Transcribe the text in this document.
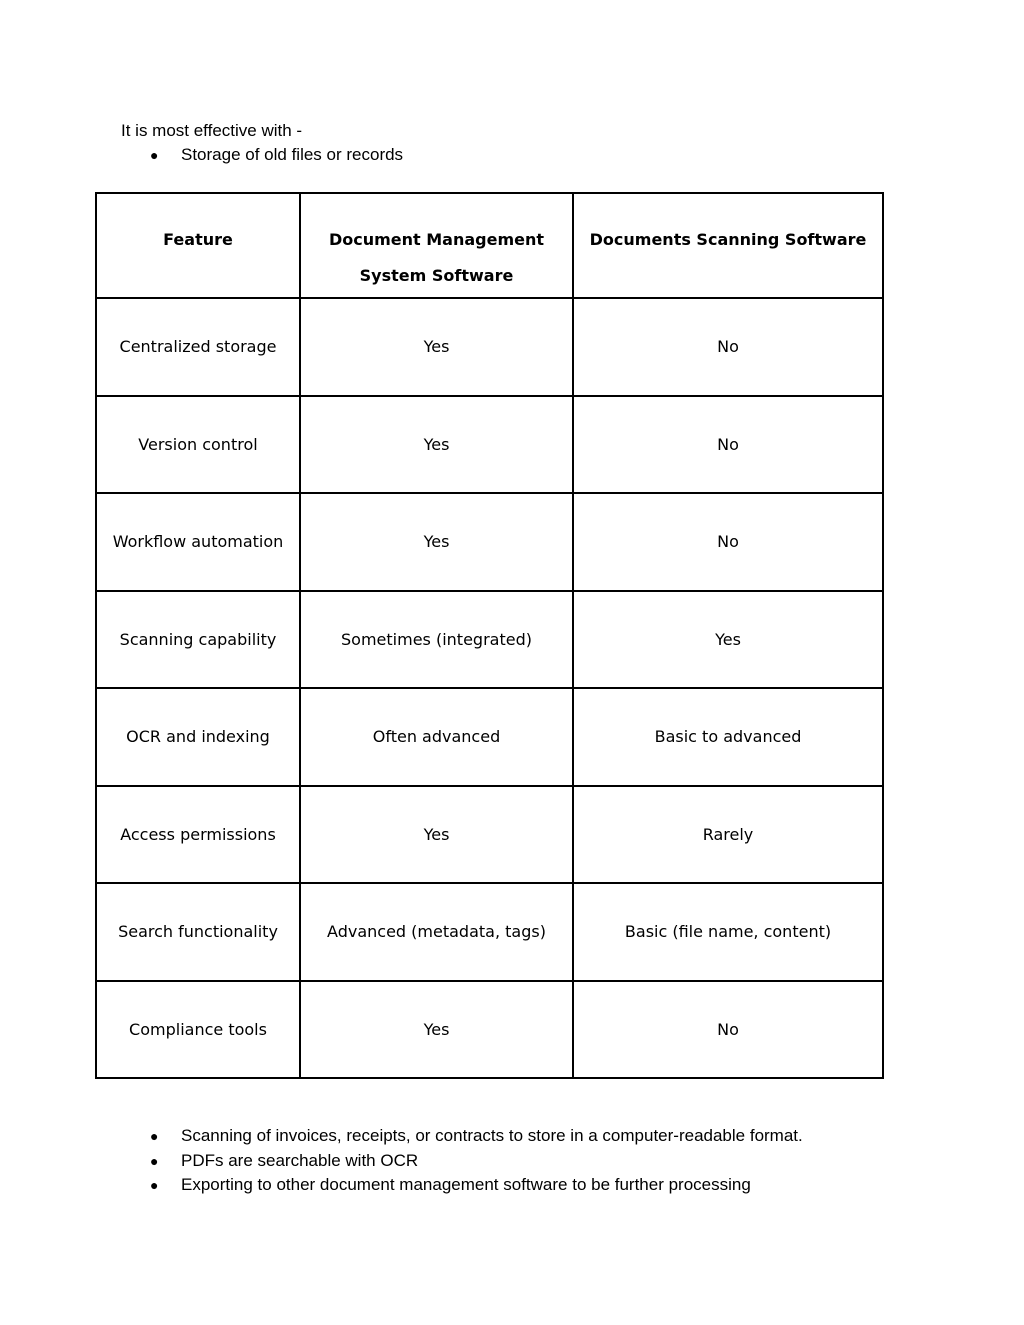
It is most effective with -
● Storage of old files or records
Feature	Document Management System Software	Documents Scanning Software
Centralized storage	Yes	No
Version control	Yes	No
Workflow automation	Yes	No
Scanning capability	Sometimes (integrated)	Yes
OCR and indexing	Often advanced	Basic to advanced
Access permissions	Yes	Rarely
Search functionality	Advanced (metadata, tags)	Basic (file name, content)
Compliance tools	Yes	No
● Scanning of invoices, receipts, or contracts to store in a computer-readable format.
● PDFs are searchable with OCR
● Exporting to other document management software to be further processing
